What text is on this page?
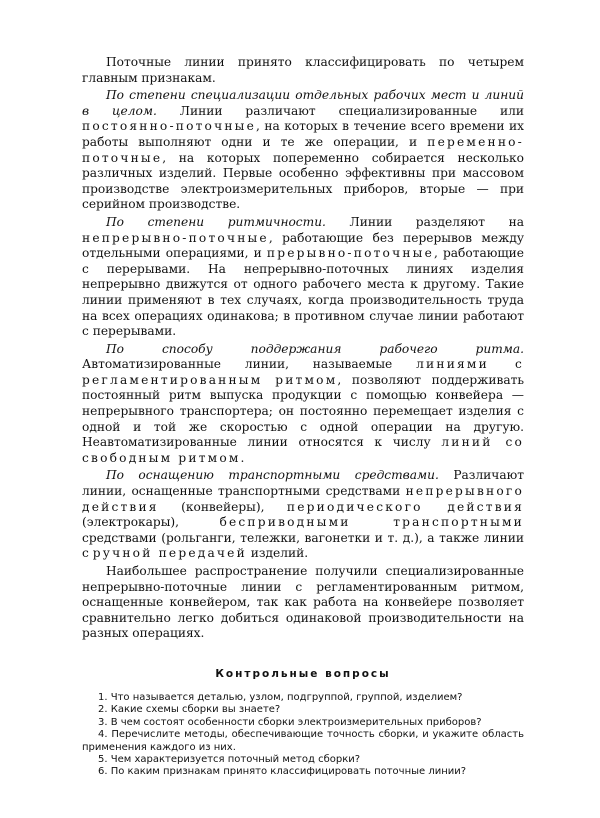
Поточные линии принято классифицировать по четырем главным признакам.

По степени специализации отдельных рабочих мест и линий в целом. Линии различают специализированные или постоянно-поточные, на которых в течение всего времени их работы выполняют одни и те же операции, и переменно-поточные, на которых попеременно собирается несколько различных изделий. Первые особенно эффективны при массовом производстве электроизмерительных приборов, вторые — при серийном производстве.

По степени ритмичности. Линии разделяют на непрерывно-поточные, работающие без перерывов между отдельными операциями, и прерывно-поточные, работающие с перерывами. На непрерывно-поточных линиях изделия непрерывно движутся от одного рабочего места к другому. Такие линии применяют в тех случаях, когда производительность труда на всех операциях одинакова; в противном случае линии работают с перерывами.

По способу поддержания рабочего ритма. Автоматизированные линии, называемые линиями с регламентированным ритмом, позволяют поддерживать постоянный ритм выпуска продукции с помощью конвейера — непрерывного транспортера; он постоянно перемещает изделия с одной и той же скоростью с одной операции на другую. Неавтоматизированные линии относятся к числу линий со свободным ритмом.

По оснащению транспортными средствами. Различают линии, оснащенные транспортными средствами непрерывного действия (конвейеры), периодического действия (электрокары), бесприводными транспортными средствами (рольганги, тележки, вагонетки и т. д.), а также линии с ручной передачей изделий.

Наибольшее распространение получили специализированные непрерывно-поточные линии с регламентированным ритмом, оснащенные конвейером, так как работа на конвейере позволяет сравнительно легко добиться одинаковой производительности на разных операциях.

Контрольные вопросы
1. Что называется деталью, узлом, подгруппой, группой, изделием?
2. Какие схемы сборки вы знаете?
3. В чем состоят особенности сборки электроизмерительных приборов?
4. Перечислите методы, обеспечивающие точность сборки, и укажите область применения каждого из них.
5. Чем характеризуется поточный метод сборки?
6. По каким признакам принято классифицировать поточные линии?
